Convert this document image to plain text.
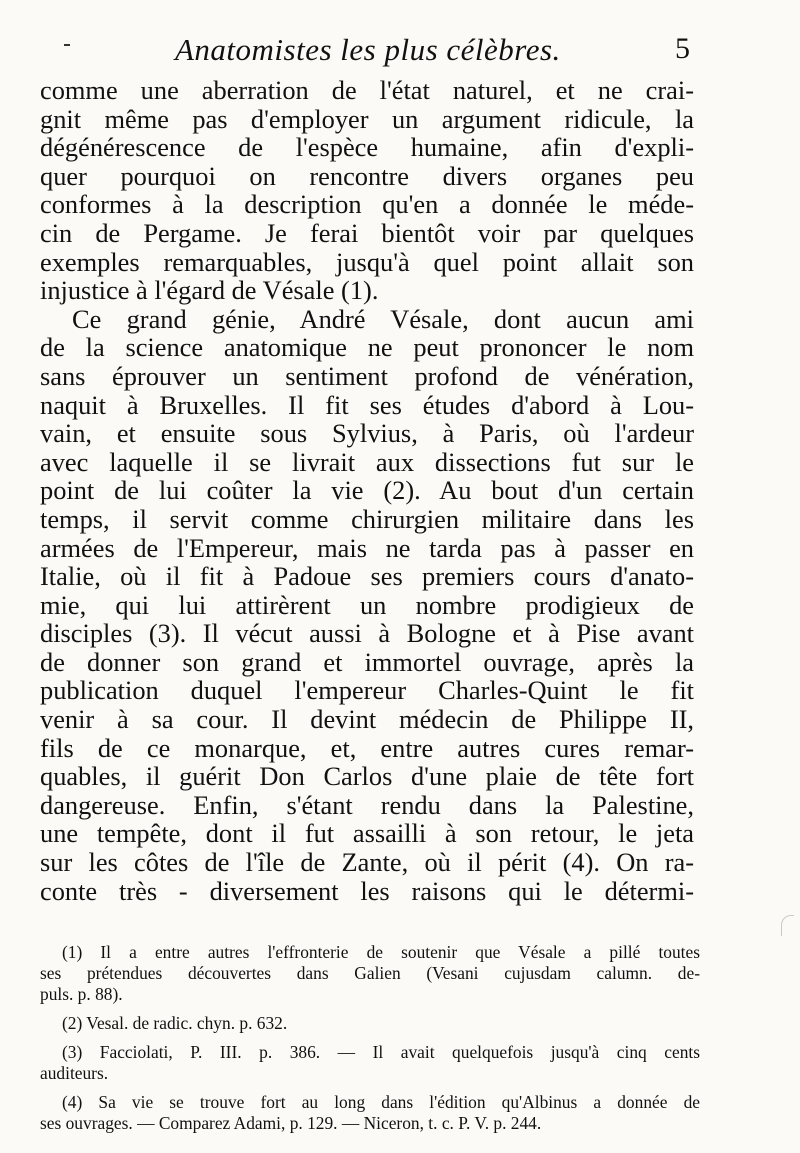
Anatomistes les plus célèbres.	5
comme une aberration de l'état naturel, et ne crai-
gnit même pas d'employer un argument ridicule, la
dégénérescence de l'espèce humaine, afin d'expli-
quer pourquoi on rencontre divers organes peu
conformes à la description qu'en a donnée le méde-
cin de Pergame. Je ferai bientôt voir par quelques
exemples remarquables, jusqu'à quel point allait son
injustice à l'égard de Vésale (1).
Ce grand génie, André Vésale, dont aucun ami
de la science anatomique ne peut prononcer le nom
sans éprouver un sentiment profond de vénération,
naquit à Bruxelles. Il fit ses études d'abord à Lou-
vain, et ensuite sous Sylvius, à Paris, où l'ardeur
avec laquelle il se livrait aux dissections fut sur le
point de lui coûter la vie (2). Au bout d'un certain
temps, il servit comme chirurgien militaire dans les
armées de l'Empereur, mais ne tarda pas à passer en
Italie, où il fit à Padoue ses premiers cours d'anato-
mie, qui lui attirèrent un nombre prodigieux de
disciples (3). Il vécut aussi à Bologne et à Pise avant
de donner son grand et immortel ouvrage, après la
publication duquel l'empereur Charles-Quint le fit
venir à sa cour. Il devint médecin de Philippe II,
fils de ce monarque, et, entre autres cures remar-
quables, il guérit Don Carlos d'une plaie de tête fort
dangereuse. Enfin, s'étant rendu dans la Palestine,
une tempête, dont il fut assailli à son retour, le jeta
sur les côtes de l'île de Zante, où il périt (4). On ra-
conte très - diversement les raisons qui le détermi-
(1) Il a entre autres l'effronterie de soutenir que Vésale a pillé toutes
ses prétendues découvertes dans Galien (Vesani cujusdam calumn. de-
puls. p. 88).
(2) Vesal. de radic. chyn. p. 632.
(3) Facciolati, P. III. p. 386. — Il avait quelquefois jusqu'à cinq cents
auditeurs.
(4) Sa vie se trouve fort au long dans l'édition qu'Albinus a donnée de
ses ouvrages. — Comparez Adami, p. 129. — Niceron, t. c. P. V. p. 244.
